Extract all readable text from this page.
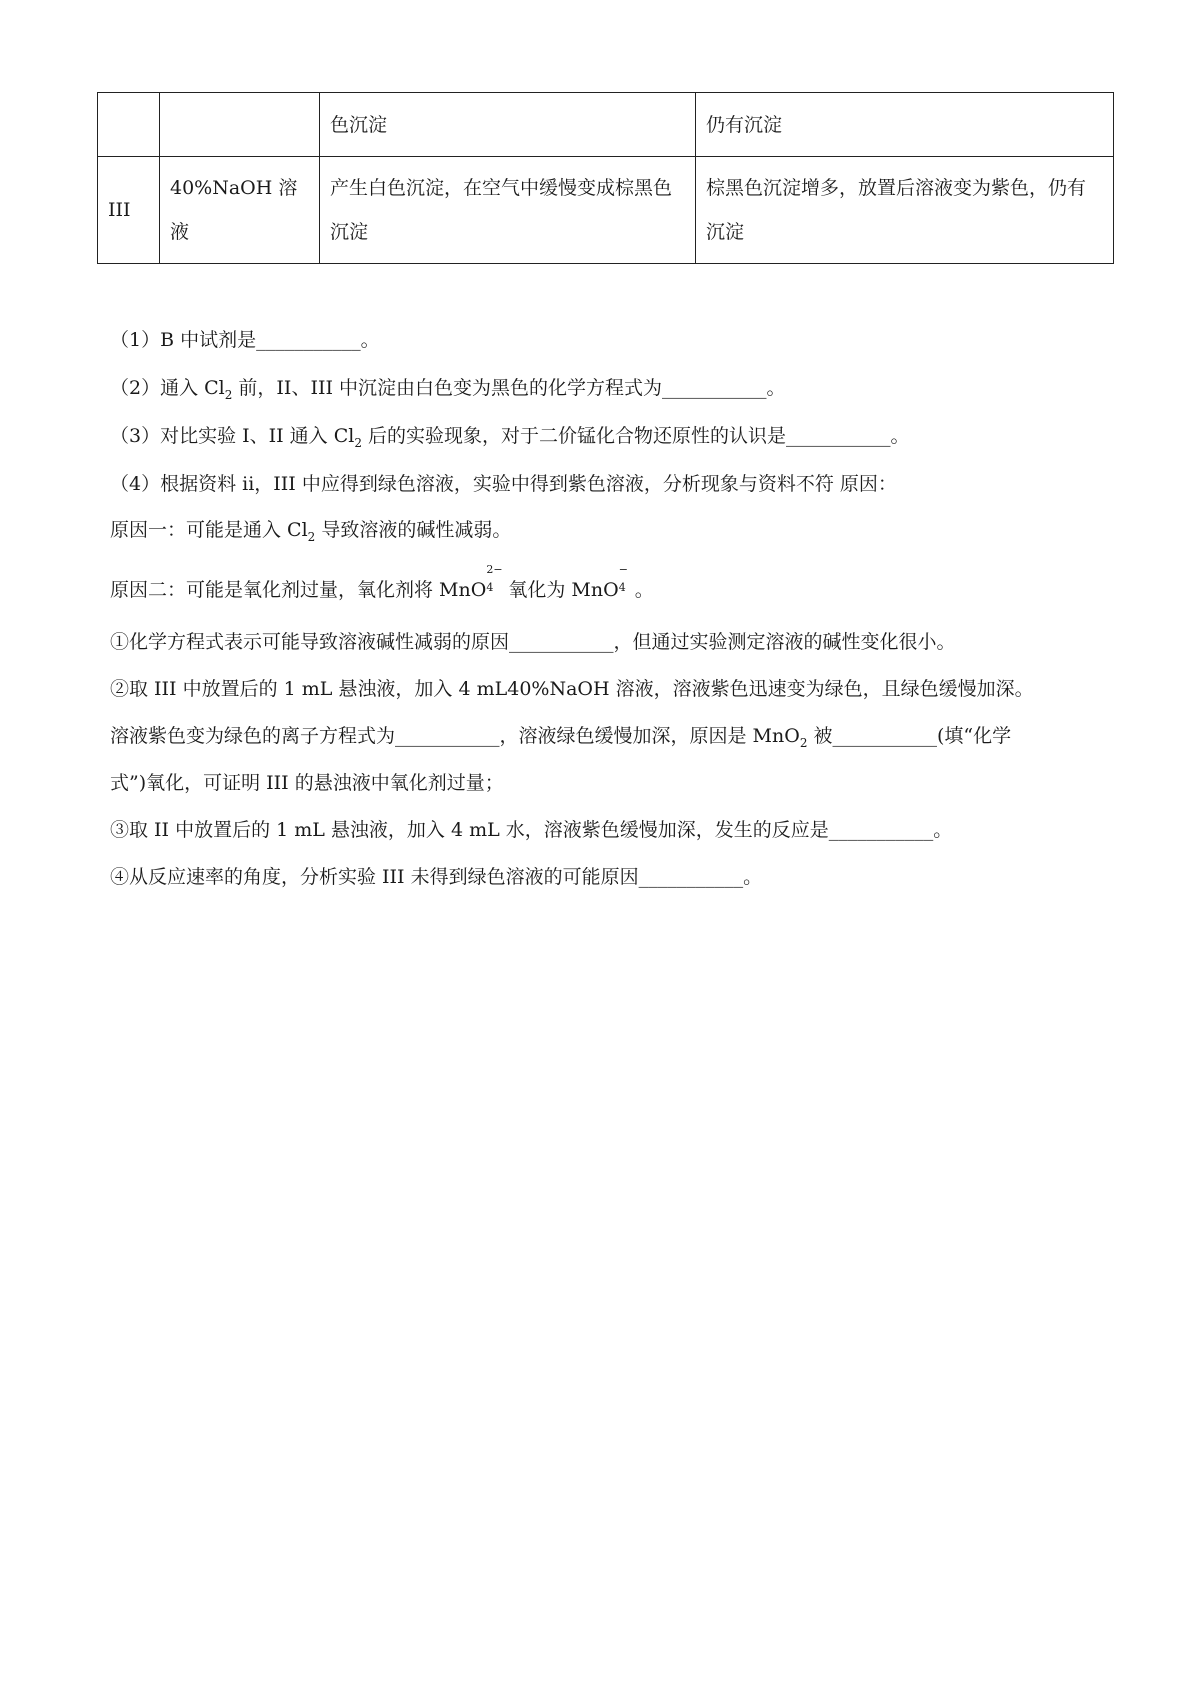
		色沉淀	仍有沉淀
III	40%NaOH 溶液	产生白色沉淀，在空气中缓慢变成棕黑色沉淀	棕黑色沉淀增多，放置后溶液变为紫色，仍有沉淀
（1）B 中试剂是___________。
（2）通入 $Cl_2$ 前，II、III 中沉淀由白色变为黑色的化学方程式为___________。
（3）对比实验 I、II 通入 $Cl_2$ 后的实验现象，对于二价锰化合物还原性的认识是___________。
（4）根据资料 ii，III 中应得到绿色溶液，实验中得到紫色溶液，分析现象与资料不符 原因：
原因一：可能是通入 $Cl_2$ 导致溶液的碱性减弱。
原因二：可能是氧化剂过量，氧化剂将 MnO
2−
4 氧化为 MnO
−
4 。
①化学方程式表示可能导致溶液碱性减弱的原因___________，但通过实验测定溶液的碱性变化很小。
②取 III 中放置后的 1 mL 悬浊液，加入 4 mL40%NaOH 溶液，溶液紫色迅速变为绿色，且绿色缓慢加深。
溶液紫色变为绿色的离子方程式为___________，溶液绿色缓慢加深，原因是 MnO$_2$ 被___________(填“化学
式”)氧化，可证明 III 的悬浊液中氧化剂过量；
③取 II 中放置后的 1 mL 悬浊液，加入 4 mL 水，溶液紫色缓慢加深，发生的反应是___________。
④从反应速率的角度，分析实验 III 未得到绿色溶液的可能原因___________。
